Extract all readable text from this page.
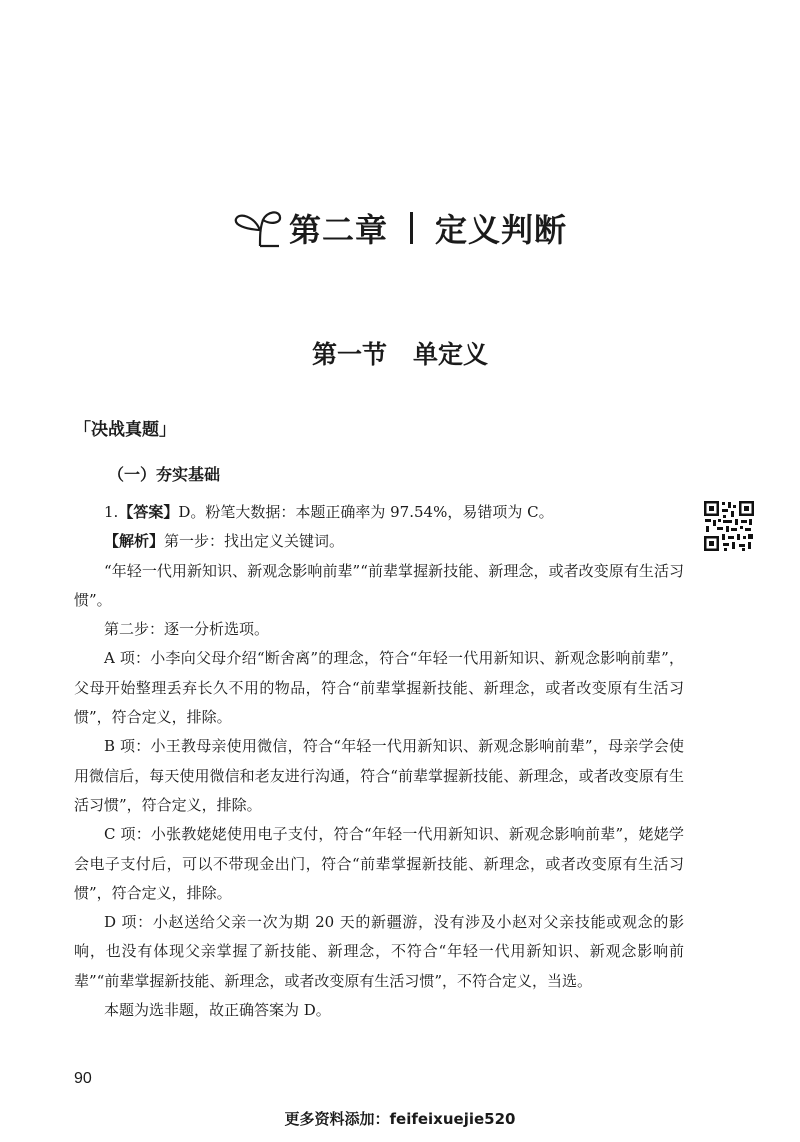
第二章 定义判断
第一节 单定义
「决战真题」
（一）夯实基础

1.【答案】D。粉笔大数据：本题正确率为 97.54%，易错项为 C。

【解析】第一步：找出定义关键词。

“年轻一代用新知识、新观念影响前辈”“前辈掌握新技能、新理念，或者改变原有生活习惯”。

第二步：逐一分析选项。

A 项：小李向父母介绍“断舍离”的理念，符合“年轻一代用新知识、新观念影响前辈”，父母开始整理丢弃长久不用的物品，符合“前辈掌握新技能、新理念，或者改变原有生活习惯”，符合定义，排除。

B 项：小王教母亲使用微信，符合“年轻一代用新知识、新观念影响前辈”，母亲学会使用微信后，每天使用微信和老友进行沟通，符合“前辈掌握新技能、新理念，或者改变原有生活习惯”，符合定义，排除。

C 项：小张教姥姥使用电子支付，符合“年轻一代用新知识、新观念影响前辈”，姥姥学会电子支付后，可以不带现金出门，符合“前辈掌握新技能、新理念，或者改变原有生活习惯”，符合定义，排除。

D 项：小赵送给父亲一次为期 20 天的新疆游，没有涉及小赵对父亲技能或观念的影响，也没有体现父亲掌握了新技能、新理念，不符合“年轻一代用新知识、新观念影响前辈”“前辈掌握新技能、新理念，或者改变原有生活习惯”，不符合定义，当选。

本题为选非题，故正确答案为 D。

90
更多资料添加：feifeixuejie520
